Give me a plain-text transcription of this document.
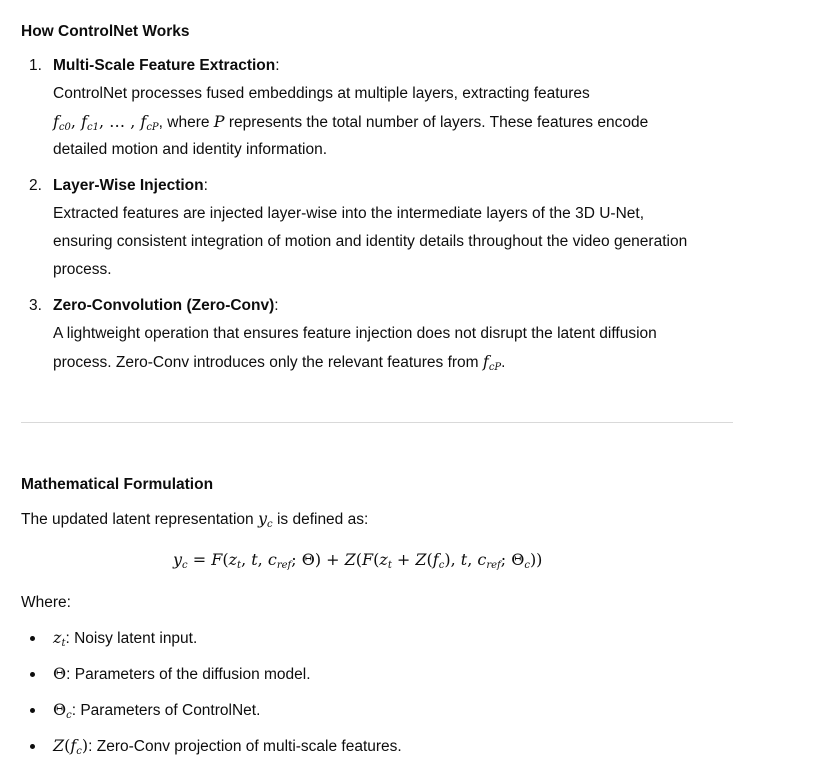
How ControlNet Works
1. Multi-Scale Feature Extraction:
ControlNet processes fused embeddings at multiple layers, extracting features
$f_{c0}$, $f_{c1}$, … , $f_{cP}$, where P represents the total number of layers. These features encode
detailed motion and identity information.
2. Layer-Wise Injection:
Extracted features are injected layer-wise into the intermediate layers of the 3D U-Net,
ensuring consistent integration of motion and identity details throughout the video generation
process.
3. Zero-Convolution (Zero-Conv):
A lightweight operation that ensures feature injection does not disrupt the latent diffusion
process. Zero-Conv introduces only the relevant features from $f_{cP}$.
Mathematical Formulation
The updated latent representation $y_c$ is defined as:
$y_c = F(z_t$, t, $c_{ref}$; $\Theta) + Z(F(z_t + Z(f_c)$, t, $c_{ref}$; $\Theta_c$))
Where:
$z_t$: Noisy latent input.
Θ: Parameters of the diffusion model.
$\Theta_c$: Parameters of ControlNet.
$Z(f_c)$: Zero-Conv projection of multi-scale features.
